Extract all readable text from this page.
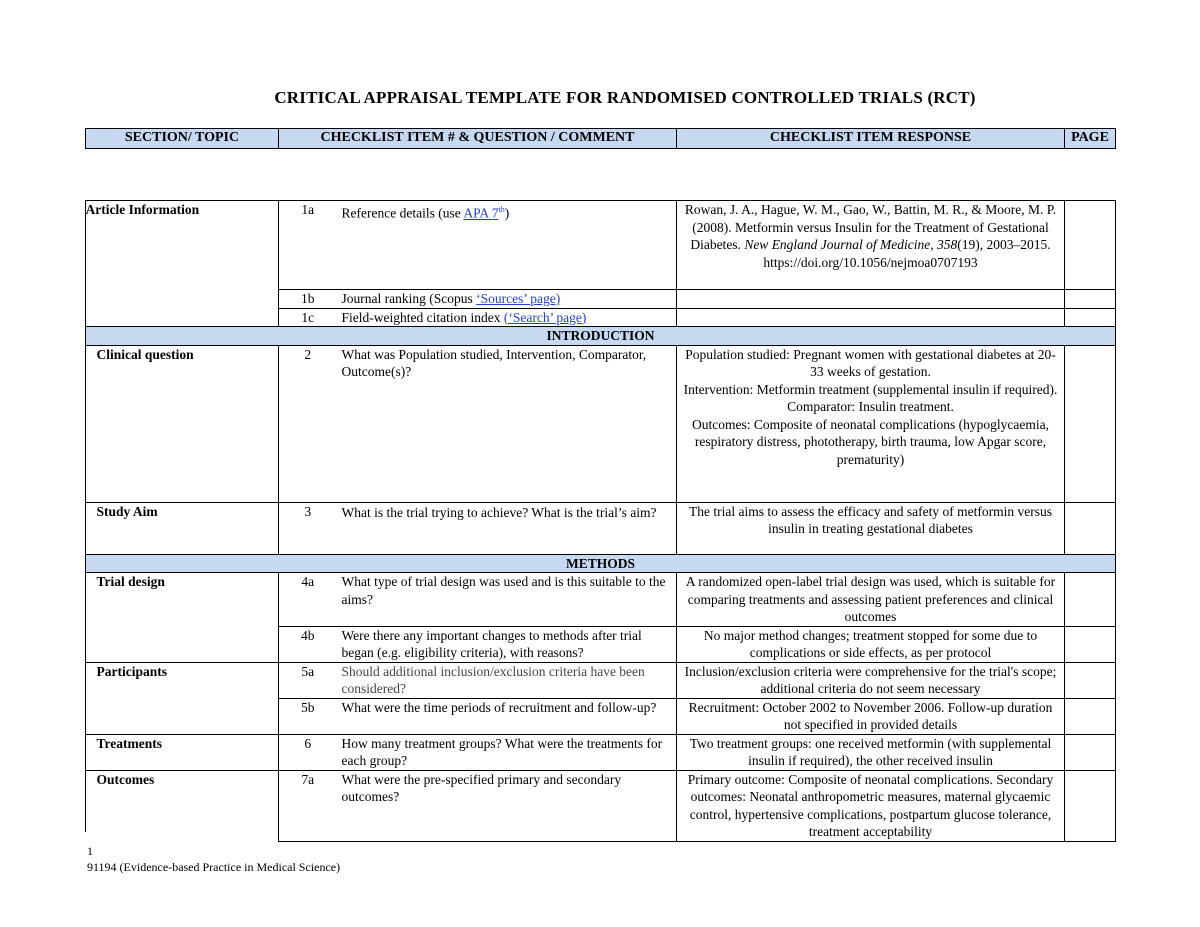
CRITICAL APPRAISAL TEMPLATE FOR RANDOMISED CONTROLLED TRIALS (RCT)
SECTION/ TOPIC	CHECKLIST ITEM # & QUESTION / COMMENT	CHECKLIST ITEM RESPONSE	PAGE
Article Information	1a	Reference details (use APA 7th)	Rowan, J. A., Hague, W. M., Gao, W., Battin, M. R., & Moore, M. P. (2008). Metformin versus Insulin for the Treatment of Gestational Diabetes. New England Journal of Medicine, 358(19), 2003–2015. https://doi.org/10.1056/nejmoa0707193	
	1b	Journal ranking (Scopus ‘Sources’ page)		
	1c	Field-weighted citation index (‘Search’ page)		
INTRODUCTION				
Clinical question	2	What was Population studied, Intervention, Comparator, Outcome(s)?	Population studied: Pregnant women with gestational diabetes at 20-33 weeks of gestation.
Intervention: Metformin treatment (supplemental insulin if required).
Comparator: Insulin treatment.
Outcomes: Composite of neonatal complications (hypoglycaemia, respiratory distress, phototherapy, birth trauma, low Apgar score, prematurity)	

Study Aim	3	What is the trial trying to achieve? What is the trial’s aim?	The trial aims to assess the efficacy and safety of metformin versus insulin in treating gestational diabetes	
METHODS				
Trial design	4a	What type of trial design was used and is this suitable to the aims?	A randomized open-label trial design was used, which is suitable for comparing treatments and assessing patient preferences and clinical outcomes	
	4b	Were there any important changes to methods after trial began (e.g. eligibility criteria), with reasons?	No major method changes; treatment stopped for some due to complications or side effects, as per protocol	
Participants	5a	Should additional inclusion/exclusion criteria have been considered?	Inclusion/exclusion criteria were comprehensive for the trial's scope; additional criteria do not seem necessary	
	5b	What were the time periods of recruitment and follow-up?	Recruitment: October 2002 to November 2006. Follow-up duration not specified in provided details	
Treatments	6	How many treatment groups? What were the treatments for each group?	Two treatment groups: one received metformin (with supplemental insulin if required), the other received insulin	
Outcomes	7a	What were the pre-specified primary and secondary outcomes?	Primary outcome: Composite of neonatal complications. Secondary outcomes: Neonatal anthropometric measures, maternal glycaemic control, hypertensive complications, postpartum glucose tolerance, treatment acceptability	
1
91194 (Evidence-based Practice in Medical Science)
